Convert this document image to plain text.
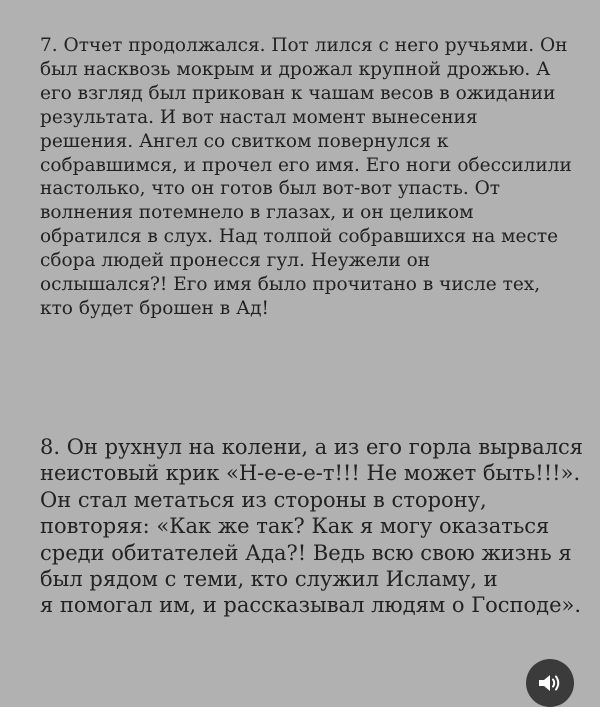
7. Отчет продолжался. Пот лился с него ручьями. Он
был насквозь мокрым и дрожал крупной дрожью. А
его взгляд был прикован к чашам весов в ожидании
результата. И вот настал момент вынесения
решения. Ангел со свитком повернулся к
собравшимся, и прочел его имя. Его ноги обессилили
настолько, что он готов был вот-вот упасть. От
волнения потемнело в глазах, и он целиком
обратился в слух. Над толпой собравшихся на месте
сбора людей пронесся гул. Неужели он
ослышался?! Его имя было прочитано в числе тех,
кто будет брошен в Ад!
8. Он рухнул на колени, а из его горла вырвался
неистовый крик «Н-е-е-е-т!!! Не может быть!!!».
Он стал метаться из стороны в сторону,
повторяя: «Как же так? Как я могу оказаться
среди обитателей Ада?! Ведь всю свою жизнь я
был рядом с теми, кто служил Исламу, и
я помогал им, и рассказывал людям о Господе».
